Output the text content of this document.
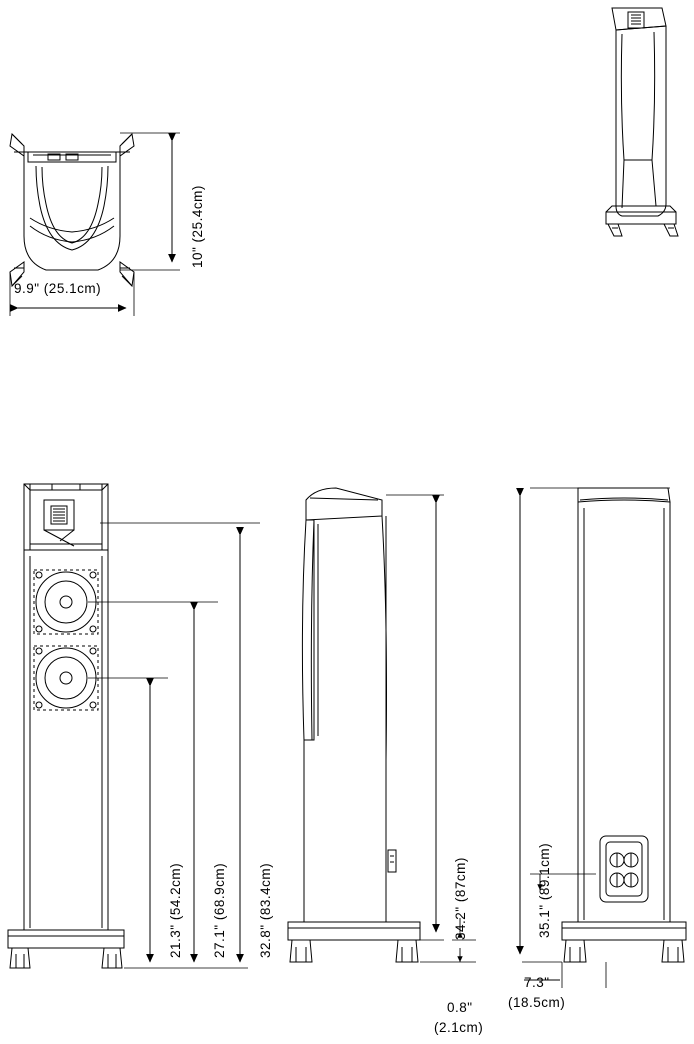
10" (25.4cm)
9.9" (25.1cm)
21.3" (54.2cm) 27.1" (68.9cm) 32.8" (83.4cm)	34.2" (87cm)
0.8"
(2.1cm)
35.1" (89.1cm)
7.3"
(18.5cm)
